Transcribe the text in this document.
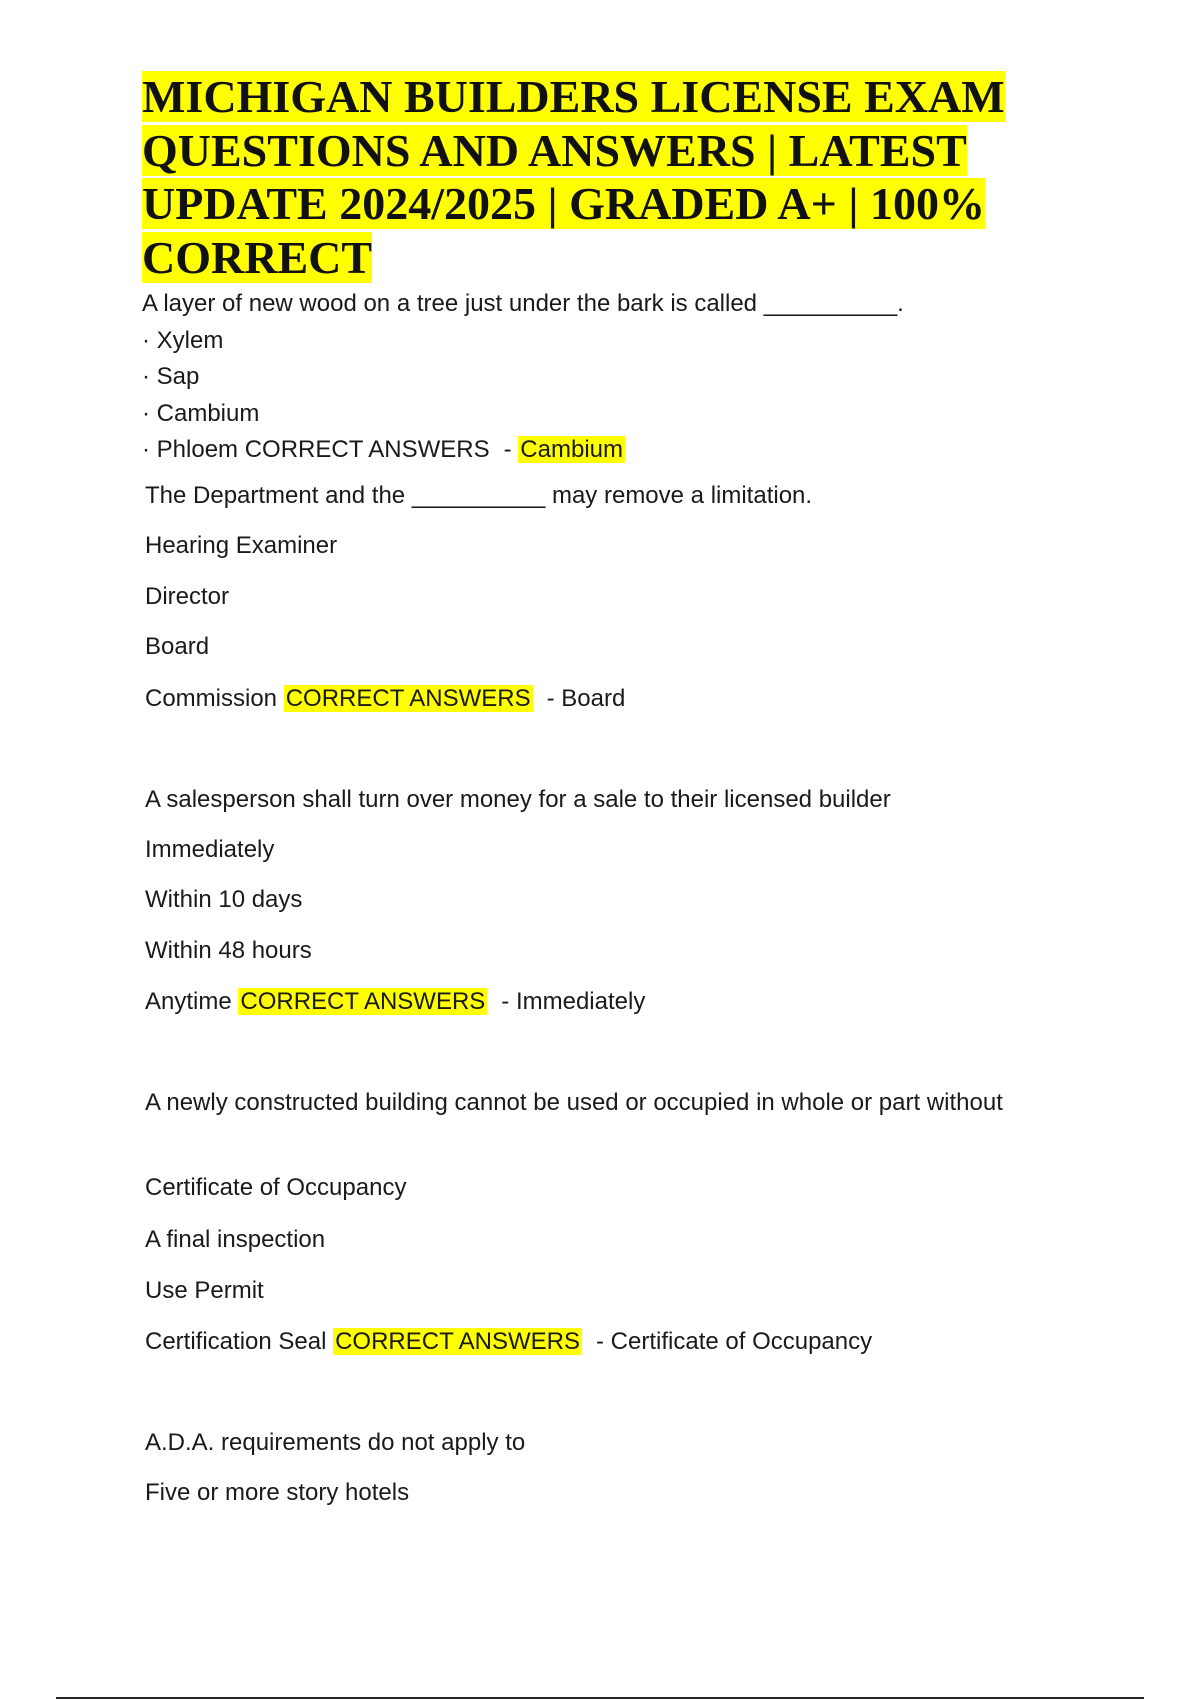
MICHIGAN BUILDERS LICENSE EXAM QUESTIONS AND ANSWERS | LATEST UPDATE 2024/2025 | GRADED A+ | 100% CORRECT
A layer of new wood on a tree just under the bark is called __________.
· Xylem
· Sap
· Cambium
· Phloem CORRECT ANSWERS - Cambium
The Department and the __________ may remove a limitation.
Hearing Examiner
Director
Board
Commission CORRECT ANSWERS - Board
A salesperson shall turn over money for a sale to their licensed builder
Immediately
Within 10 days
Within 48 hours
Anytime CORRECT ANSWERS - Immediately
A newly constructed building cannot be used or occupied in whole or part without
Certificate of Occupancy
A final inspection
Use Permit
Certification Seal CORRECT ANSWERS - Certificate of Occupancy
A.D.A. requirements do not apply to
Five or more story hotels
